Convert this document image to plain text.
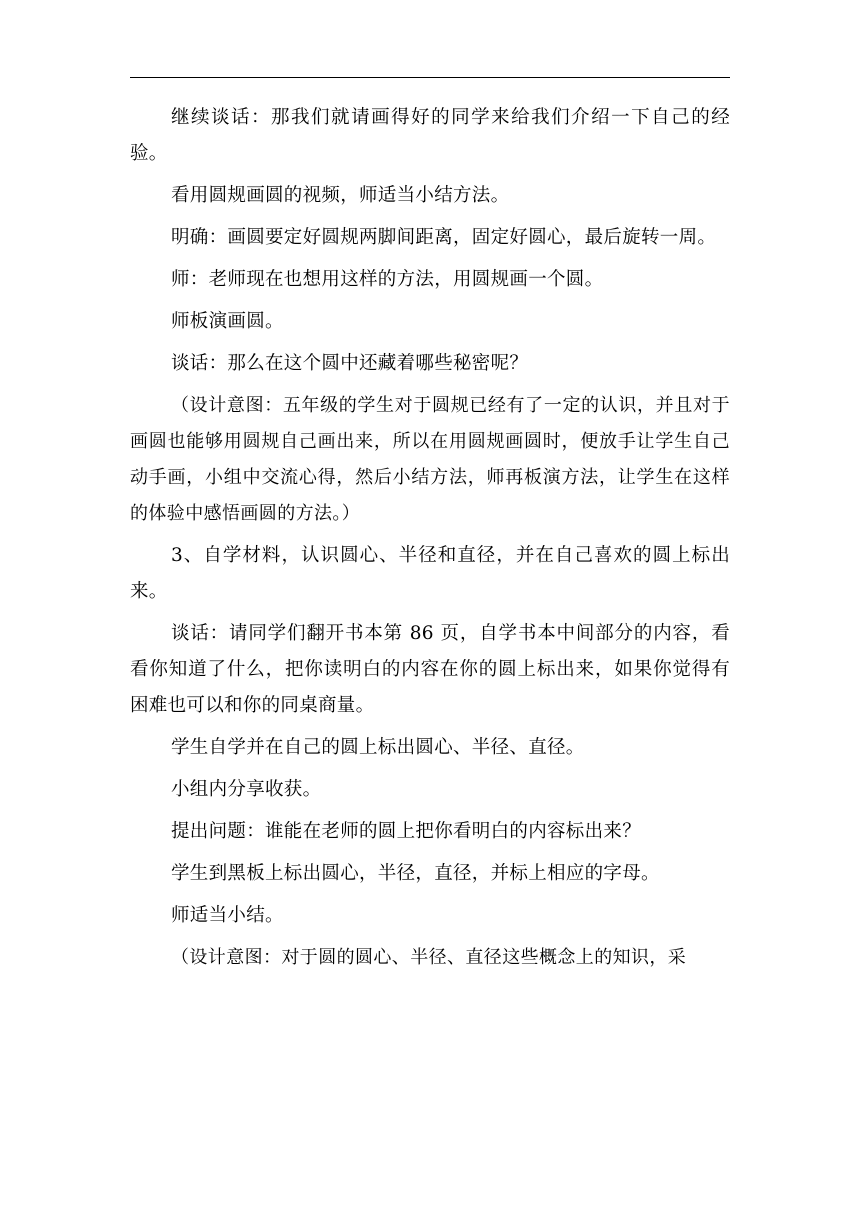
继续谈话：那我们就请画得好的同学来给我们介绍一下自己的经验。

看用圆规画圆的视频，师适当小结方法。

明确：画圆要定好圆规两脚间距离，固定好圆心，最后旋转一周。

师：老师现在也想用这样的方法，用圆规画一个圆。

师板演画圆。

谈话：那么在这个圆中还藏着哪些秘密呢？

（设计意图：五年级的学生对于圆规已经有了一定的认识，并且对于画圆也能够用圆规自己画出来，所以在用圆规画圆时，便放手让学生自己动手画，小组中交流心得，然后小结方法，师再板演方法，让学生在这样的体验中感悟画圆的方法。）

3、自学材料，认识圆心、半径和直径，并在自己喜欢的圆上标出来。

谈话：请同学们翻开书本第 86 页，自学书本中间部分的内容，看看你知道了什么，把你读明白的内容在你的圆上标出来，如果你觉得有困难也可以和你的同桌商量。

学生自学并在自己的圆上标出圆心、半径、直径。

小组内分享收获。

提出问题：谁能在老师的圆上把你看明白的内容标出来？

学生到黑板上标出圆心，半径，直径，并标上相应的字母。

师适当小结。

（设计意图：对于圆的圆心、半径、直径这些概念上的知识，采
